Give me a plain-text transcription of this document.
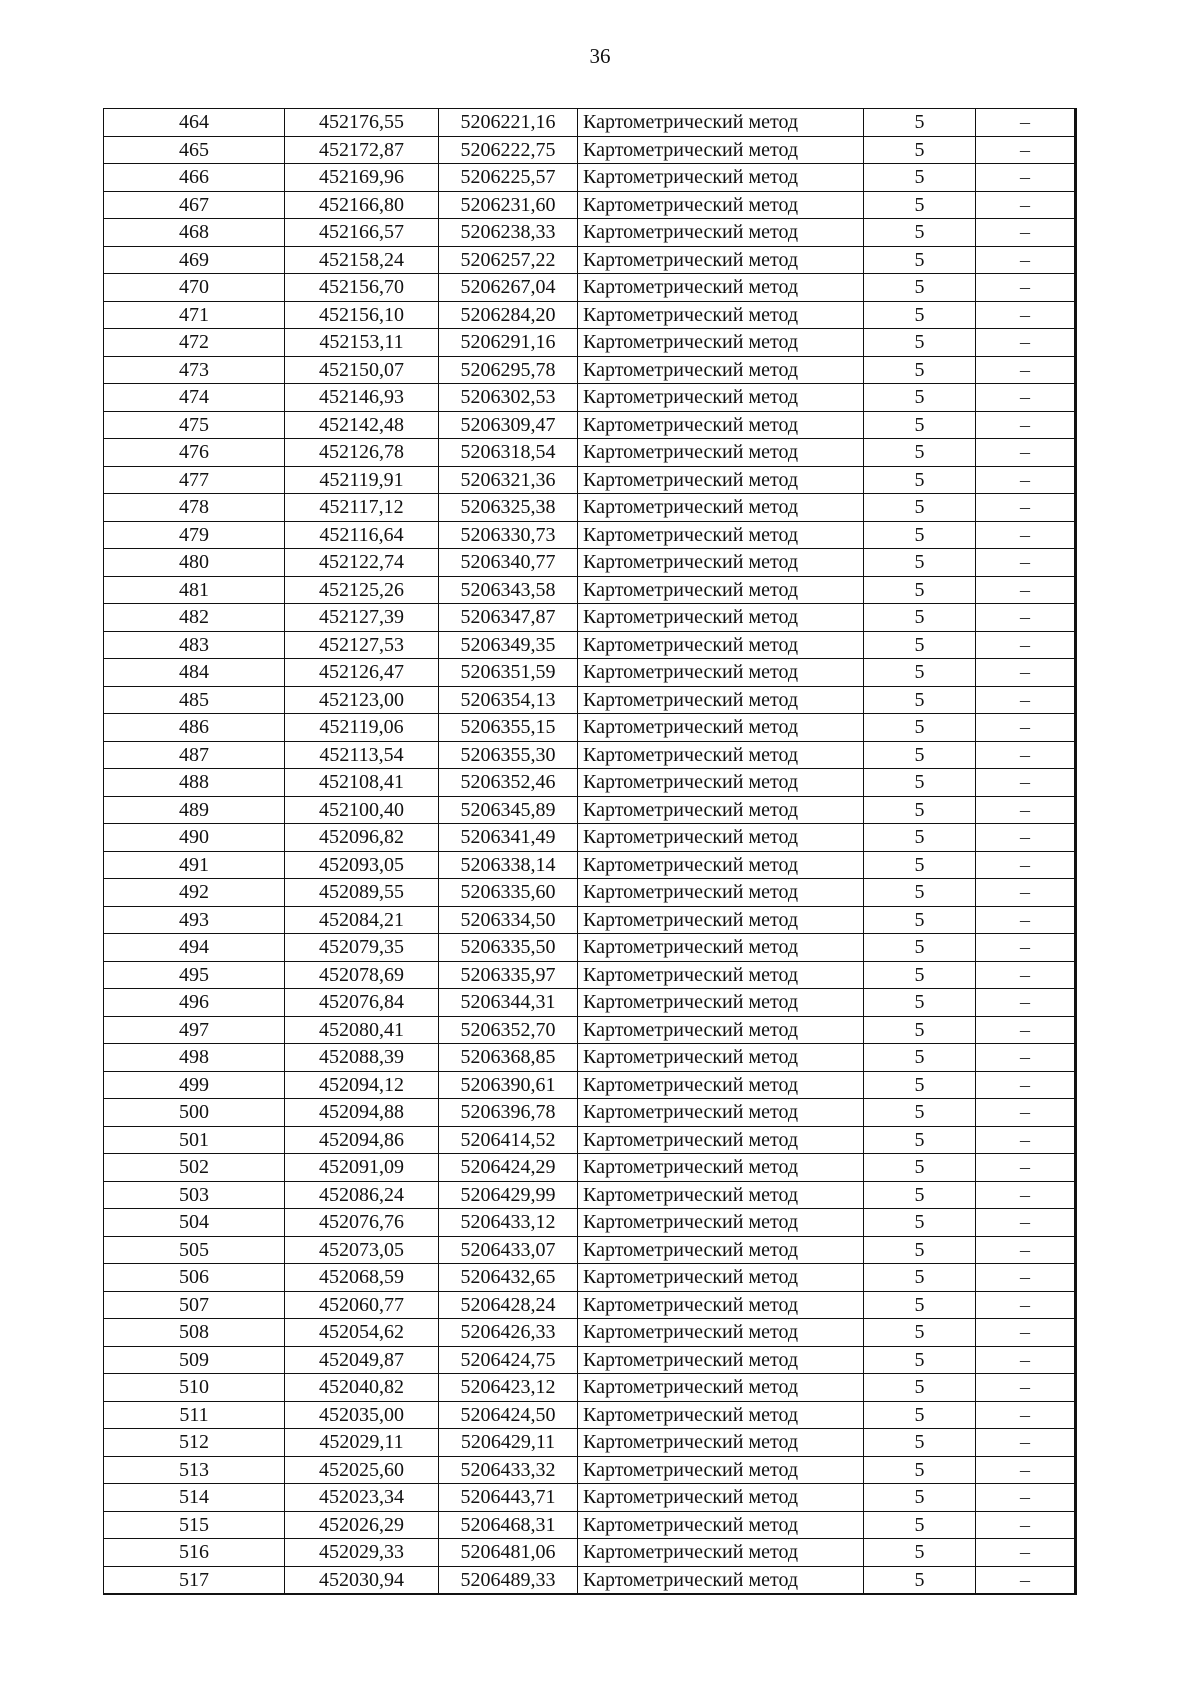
36
464	452176,55	5206221,16	Картометрический метод	5	–
465	452172,87	5206222,75	Картометрический метод	5	–
466	452169,96	5206225,57	Картометрический метод	5	–
467	452166,80	5206231,60	Картометрический метод	5	–
468	452166,57	5206238,33	Картометрический метод	5	–
469	452158,24	5206257,22	Картометрический метод	5	–
470	452156,70	5206267,04	Картометрический метод	5	–
471	452156,10	5206284,20	Картометрический метод	5	–
472	452153,11	5206291,16	Картометрический метод	5	–
473	452150,07	5206295,78	Картометрический метод	5	–
474	452146,93	5206302,53	Картометрический метод	5	–
475	452142,48	5206309,47	Картометрический метод	5	–
476	452126,78	5206318,54	Картометрический метод	5	–
477	452119,91	5206321,36	Картометрический метод	5	–
478	452117,12	5206325,38	Картометрический метод	5	–
479	452116,64	5206330,73	Картометрический метод	5	–
480	452122,74	5206340,77	Картометрический метод	5	–
481	452125,26	5206343,58	Картометрический метод	5	–
482	452127,39	5206347,87	Картометрический метод	5	–
483	452127,53	5206349,35	Картометрический метод	5	–
484	452126,47	5206351,59	Картометрический метод	5	–
485	452123,00	5206354,13	Картометрический метод	5	–
486	452119,06	5206355,15	Картометрический метод	5	–
487	452113,54	5206355,30	Картометрический метод	5	–
488	452108,41	5206352,46	Картометрический метод	5	–
489	452100,40	5206345,89	Картометрический метод	5	–
490	452096,82	5206341,49	Картометрический метод	5	–
491	452093,05	5206338,14	Картометрический метод	5	–
492	452089,55	5206335,60	Картометрический метод	5	–
493	452084,21	5206334,50	Картометрический метод	5	–
494	452079,35	5206335,50	Картометрический метод	5	–
495	452078,69	5206335,97	Картометрический метод	5	–
496	452076,84	5206344,31	Картометрический метод	5	–
497	452080,41	5206352,70	Картометрический метод	5	–
498	452088,39	5206368,85	Картометрический метод	5	–
499	452094,12	5206390,61	Картометрический метод	5	–
500	452094,88	5206396,78	Картометрический метод	5	–
501	452094,86	5206414,52	Картометрический метод	5	–
502	452091,09	5206424,29	Картометрический метод	5	–
503	452086,24	5206429,99	Картометрический метод	5	–
504	452076,76	5206433,12	Картометрический метод	5	–
505	452073,05	5206433,07	Картометрический метод	5	–
506	452068,59	5206432,65	Картометрический метод	5	–
507	452060,77	5206428,24	Картометрический метод	5	–
508	452054,62	5206426,33	Картометрический метод	5	–
509	452049,87	5206424,75	Картометрический метод	5	–
510	452040,82	5206423,12	Картометрический метод	5	–
511	452035,00	5206424,50	Картометрический метод	5	–
512	452029,11	5206429,11	Картометрический метод	5	–
513	452025,60	5206433,32	Картометрический метод	5	–
514	452023,34	5206443,71	Картометрический метод	5	–
515	452026,29	5206468,31	Картометрический метод	5	–
516	452029,33	5206481,06	Картометрический метод	5	–
517	452030,94	5206489,33	Картометрический метод	5	–
